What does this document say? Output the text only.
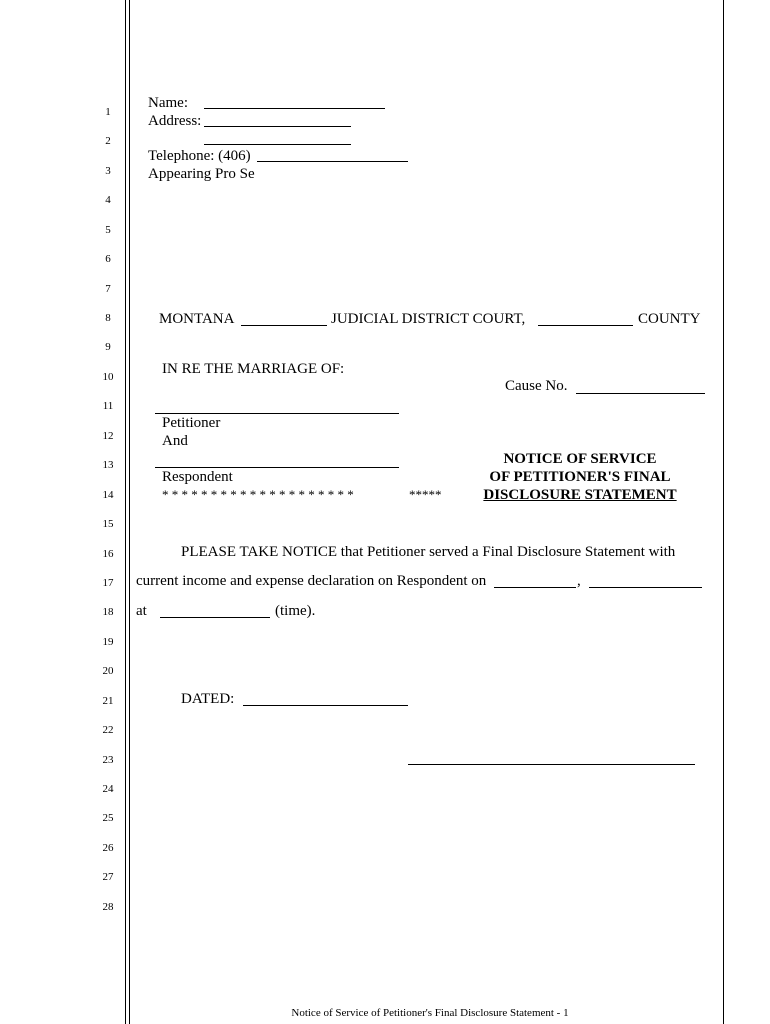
1
2
3
4
5
6
7
8
9
10
11
12
13
14
15
16
17
18
19
20
21
22
23
24
25
26
27
28
Name:
Address:
Telephone: (406)
Appearing Pro Se
MONTANA	JUDICIAL DISTRICT COURT,	COUNTY
IN RE THE MARRIAGE OF:
Cause No.
Petitioner
And
Respondent
* * * * * * * * * * * * * * * * * * * *	*****
NOTICE OF SERVICE
OF PETITIONER'S FINAL
DISCLOSURE STATEMENT
PLEASE TAKE NOTICE that Petitioner served a Final Disclosure Statement with
current income and expense declaration on Respondent on	,
at	(time).
DATED:
Notice of Service of Petitioner's Final Disclosure Statement - 1
